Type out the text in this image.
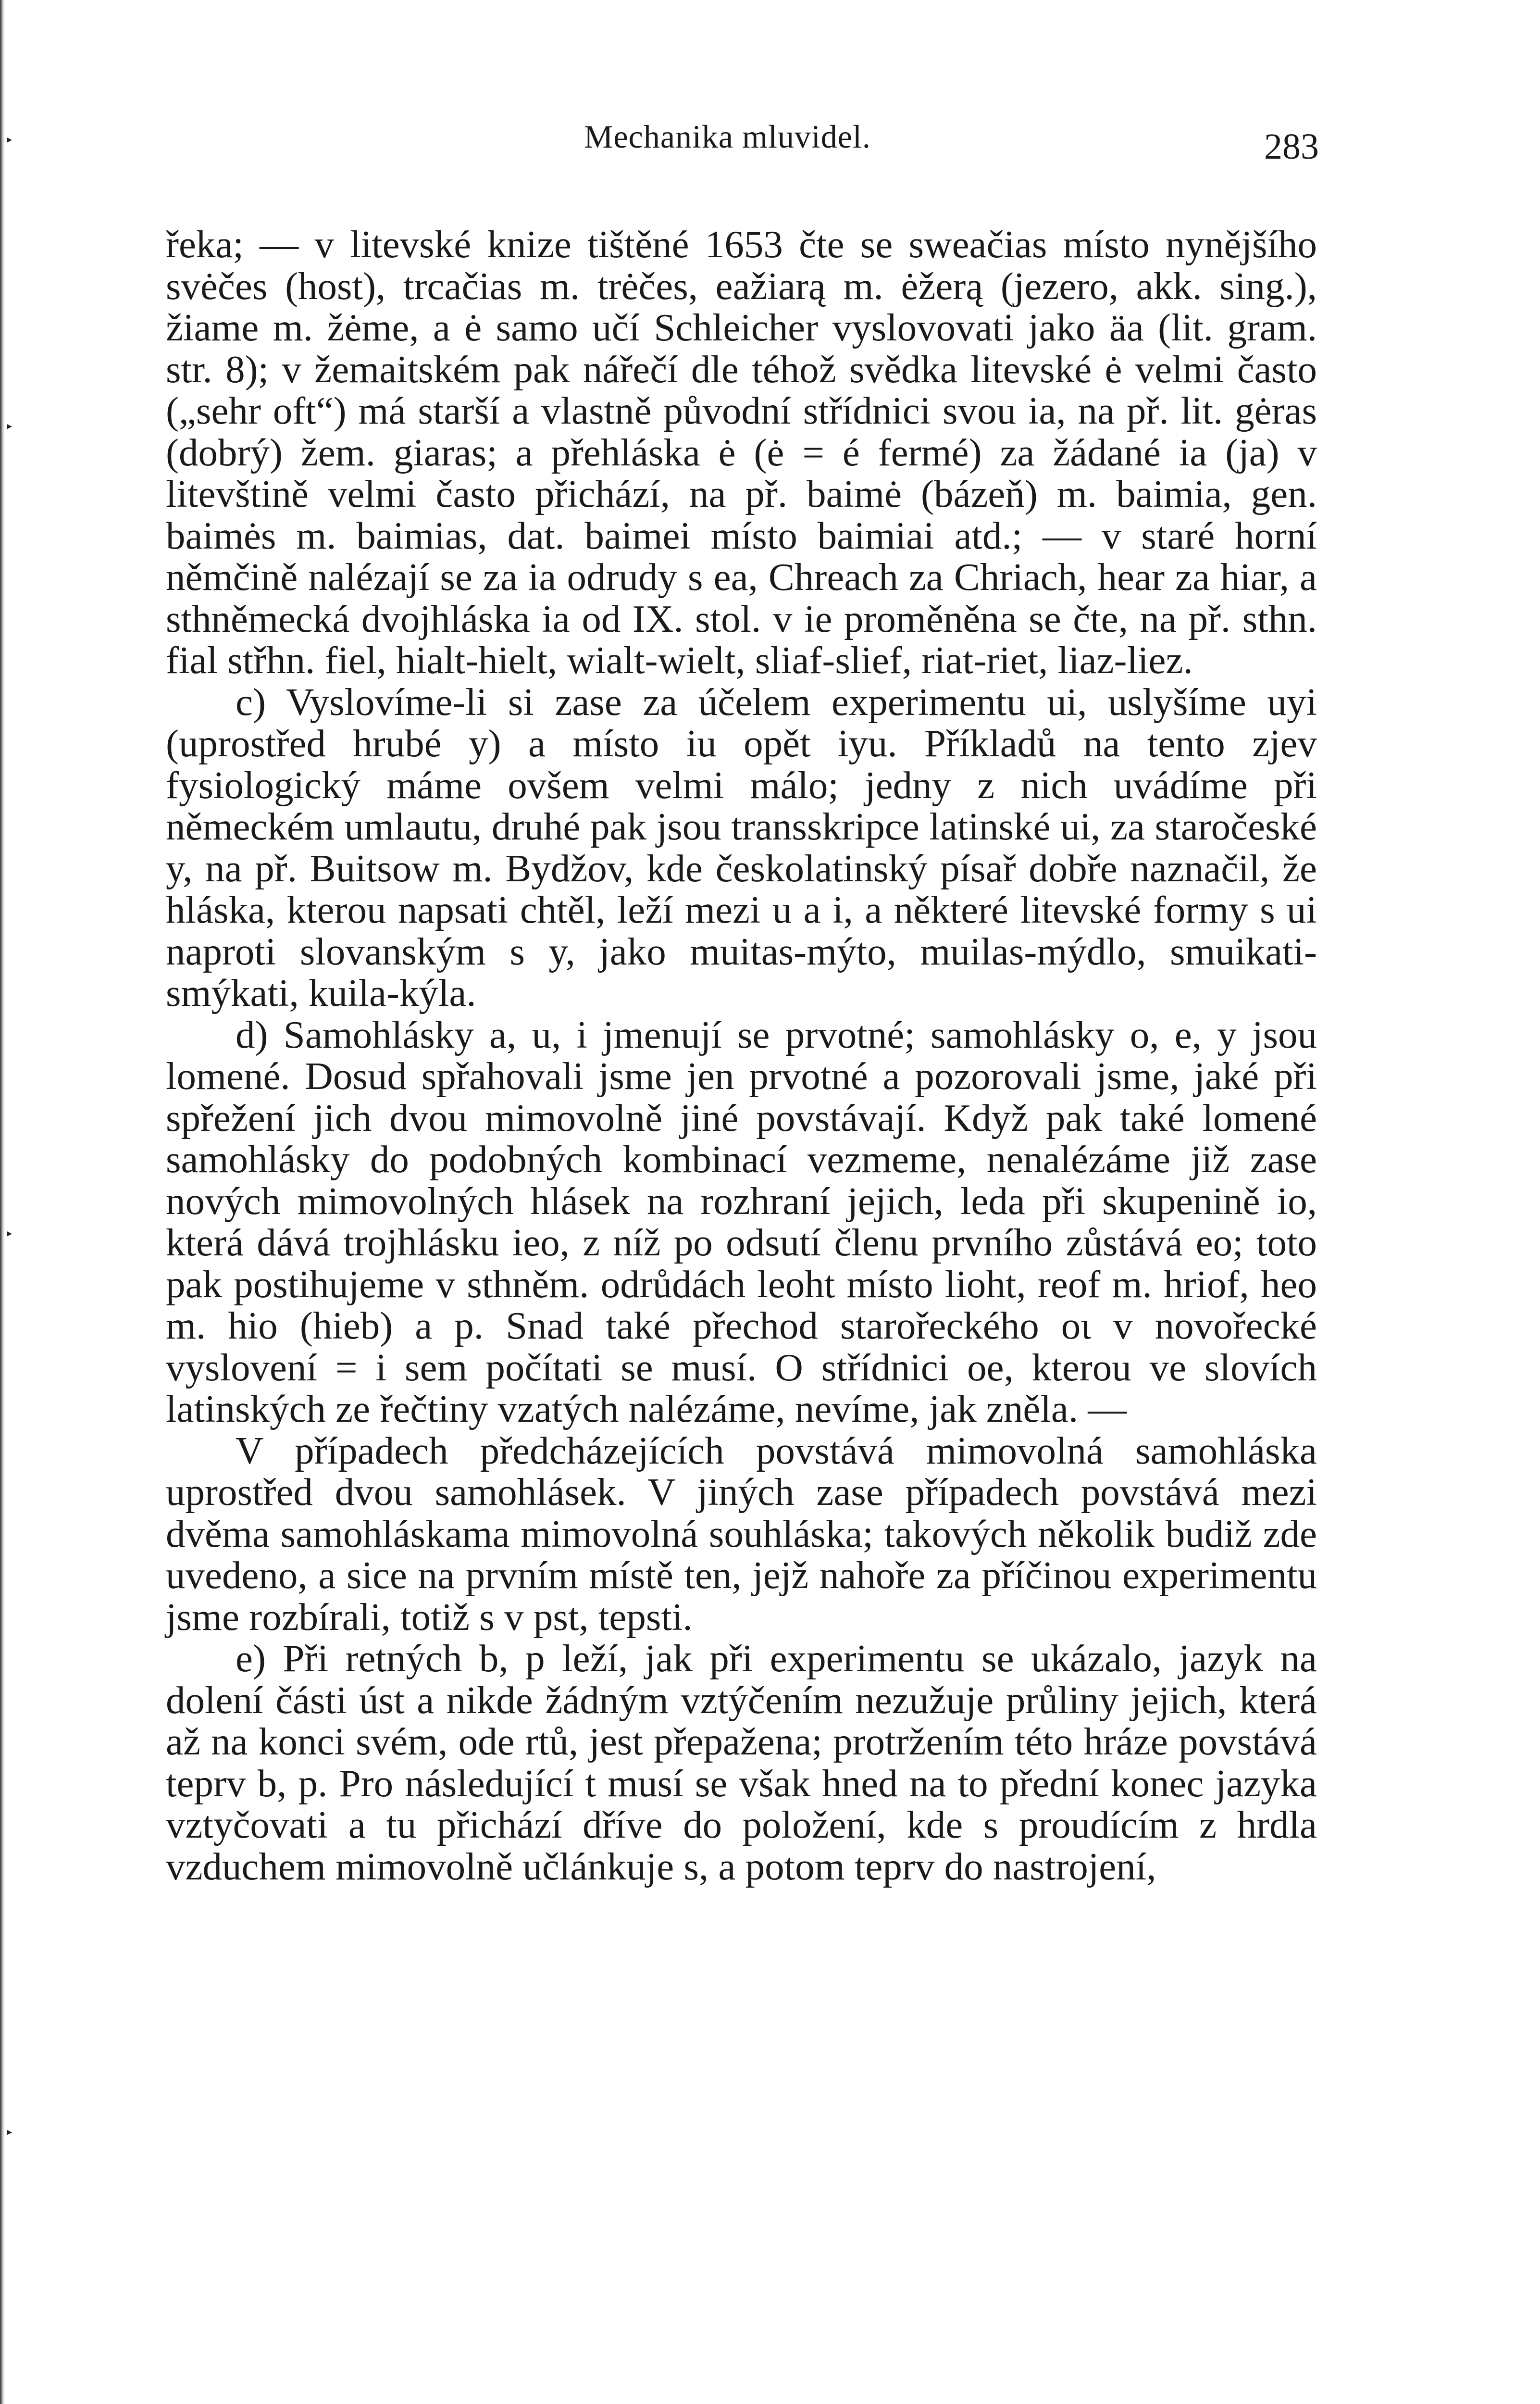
▸
▸
▸
▸
Mechanika mluvidel.	283

řeka; — v litevské knize tištěné 1653 čte se sweačias místo nynějšího svėčes (host), trcačias m. trėčes, eažiarą m. ėžerą (jezero, akk. sing.), žiame m. žėme, a ė samo učí Schleicher vyslovovati jako äa (lit. gram. str. 8); v žemaitském pak nářečí dle téhož svědka litevské ė velmi často („sehr oft“) má starší a vlastně původní střídnici svou ia, na př. lit. gėras (dobrý) žem. giaras; a přehláska ė (ė = é fermé) za žádané ia (ja) v litevštině velmi často přichází, na př. baimė (bázeň) m. baimia, gen. baimės m. baimias, dat. baimei místo baimiai atd.; — v staré horní němčině nalézají se za ia odrudy s ea, Chreach za Chriach, hear za hiar, a sthněmecká dvojhláska ia od IX. stol. v ie proměněna se čte, na př. sthn. fial střhn. fiel, hialt-hielt, wialt-wielt, sliaf-slief, riat-riet, liaz-liez.

c) Vyslovíme-li si zase za účelem experimentu ui, uslyšíme uyi (uprostřed hrubé y) a místo iu opět iyu. Příkladů na tento zjev fysiologický máme ovšem velmi málo; jedny z nich uvádíme při německém umlautu, druhé pak jsou transskripce latinské ui, za staročeské y, na př. Buitsow m. Bydžov, kde českolatinský písař dobře naznačil, že hláska, kterou napsati chtěl, leží mezi u a i, a některé litevské formy s ui naproti slovanským s y, jako muitas-mýto, muilas-mýdlo, smuikati-smýkati, kuila-kýla.

d) Samohlásky a, u, i jmenují se prvotné; samohlásky o, e, y jsou lomené. Dosud spřahovali jsme jen prvotné a pozorovali jsme, jaké při spřežení jich dvou mimovolně jiné povstávají. Když pak také lomené samohlásky do podobných kombinací vezmeme, nenalézáme již zase nových mimovolných hlásek na rozhraní jejich, leda při skupenině io, která dává trojhlásku ieo, z níž po odsutí členu prvního zůstává eo; toto pak postihujeme v sthněm. odrůdách leoht místo lioht, reof m. hriof, heo m. hio (hieb) a p. Snad také přechod starořeckého oι v novořecké vyslovení = i sem počítati se musí. O střídnici oe, kterou ve slovích latinských ze řečtiny vzatých nalézáme, nevíme, jak zněla. —

V případech předcházejících povstává mimovolná samohláska uprostřed dvou samohlásek. V jiných zase případech povstává mezi dvěma samohláskama mimovolná souhláska; takových několik budiž zde uvedeno, a sice na prvním místě ten, jejž nahoře za příčinou experimentu jsme rozbírali, totiž s v pst, tepsti.

e) Při retných b, p leží, jak při experimentu se ukázalo, jazyk na dolení části úst a nikde žádným vztýčením nezužuje průliny jejich, která až na konci svém, ode rtů, jest přepažena; protržením této hráze povstává teprv b, p. Pro následující t musí se však hned na to přední konec jazyka vztyčovati a tu přichází dříve do položení, kde s proudícím z hrdla vzduchem mimovolně učlánkuje s, a potom teprv do nastrojení,
